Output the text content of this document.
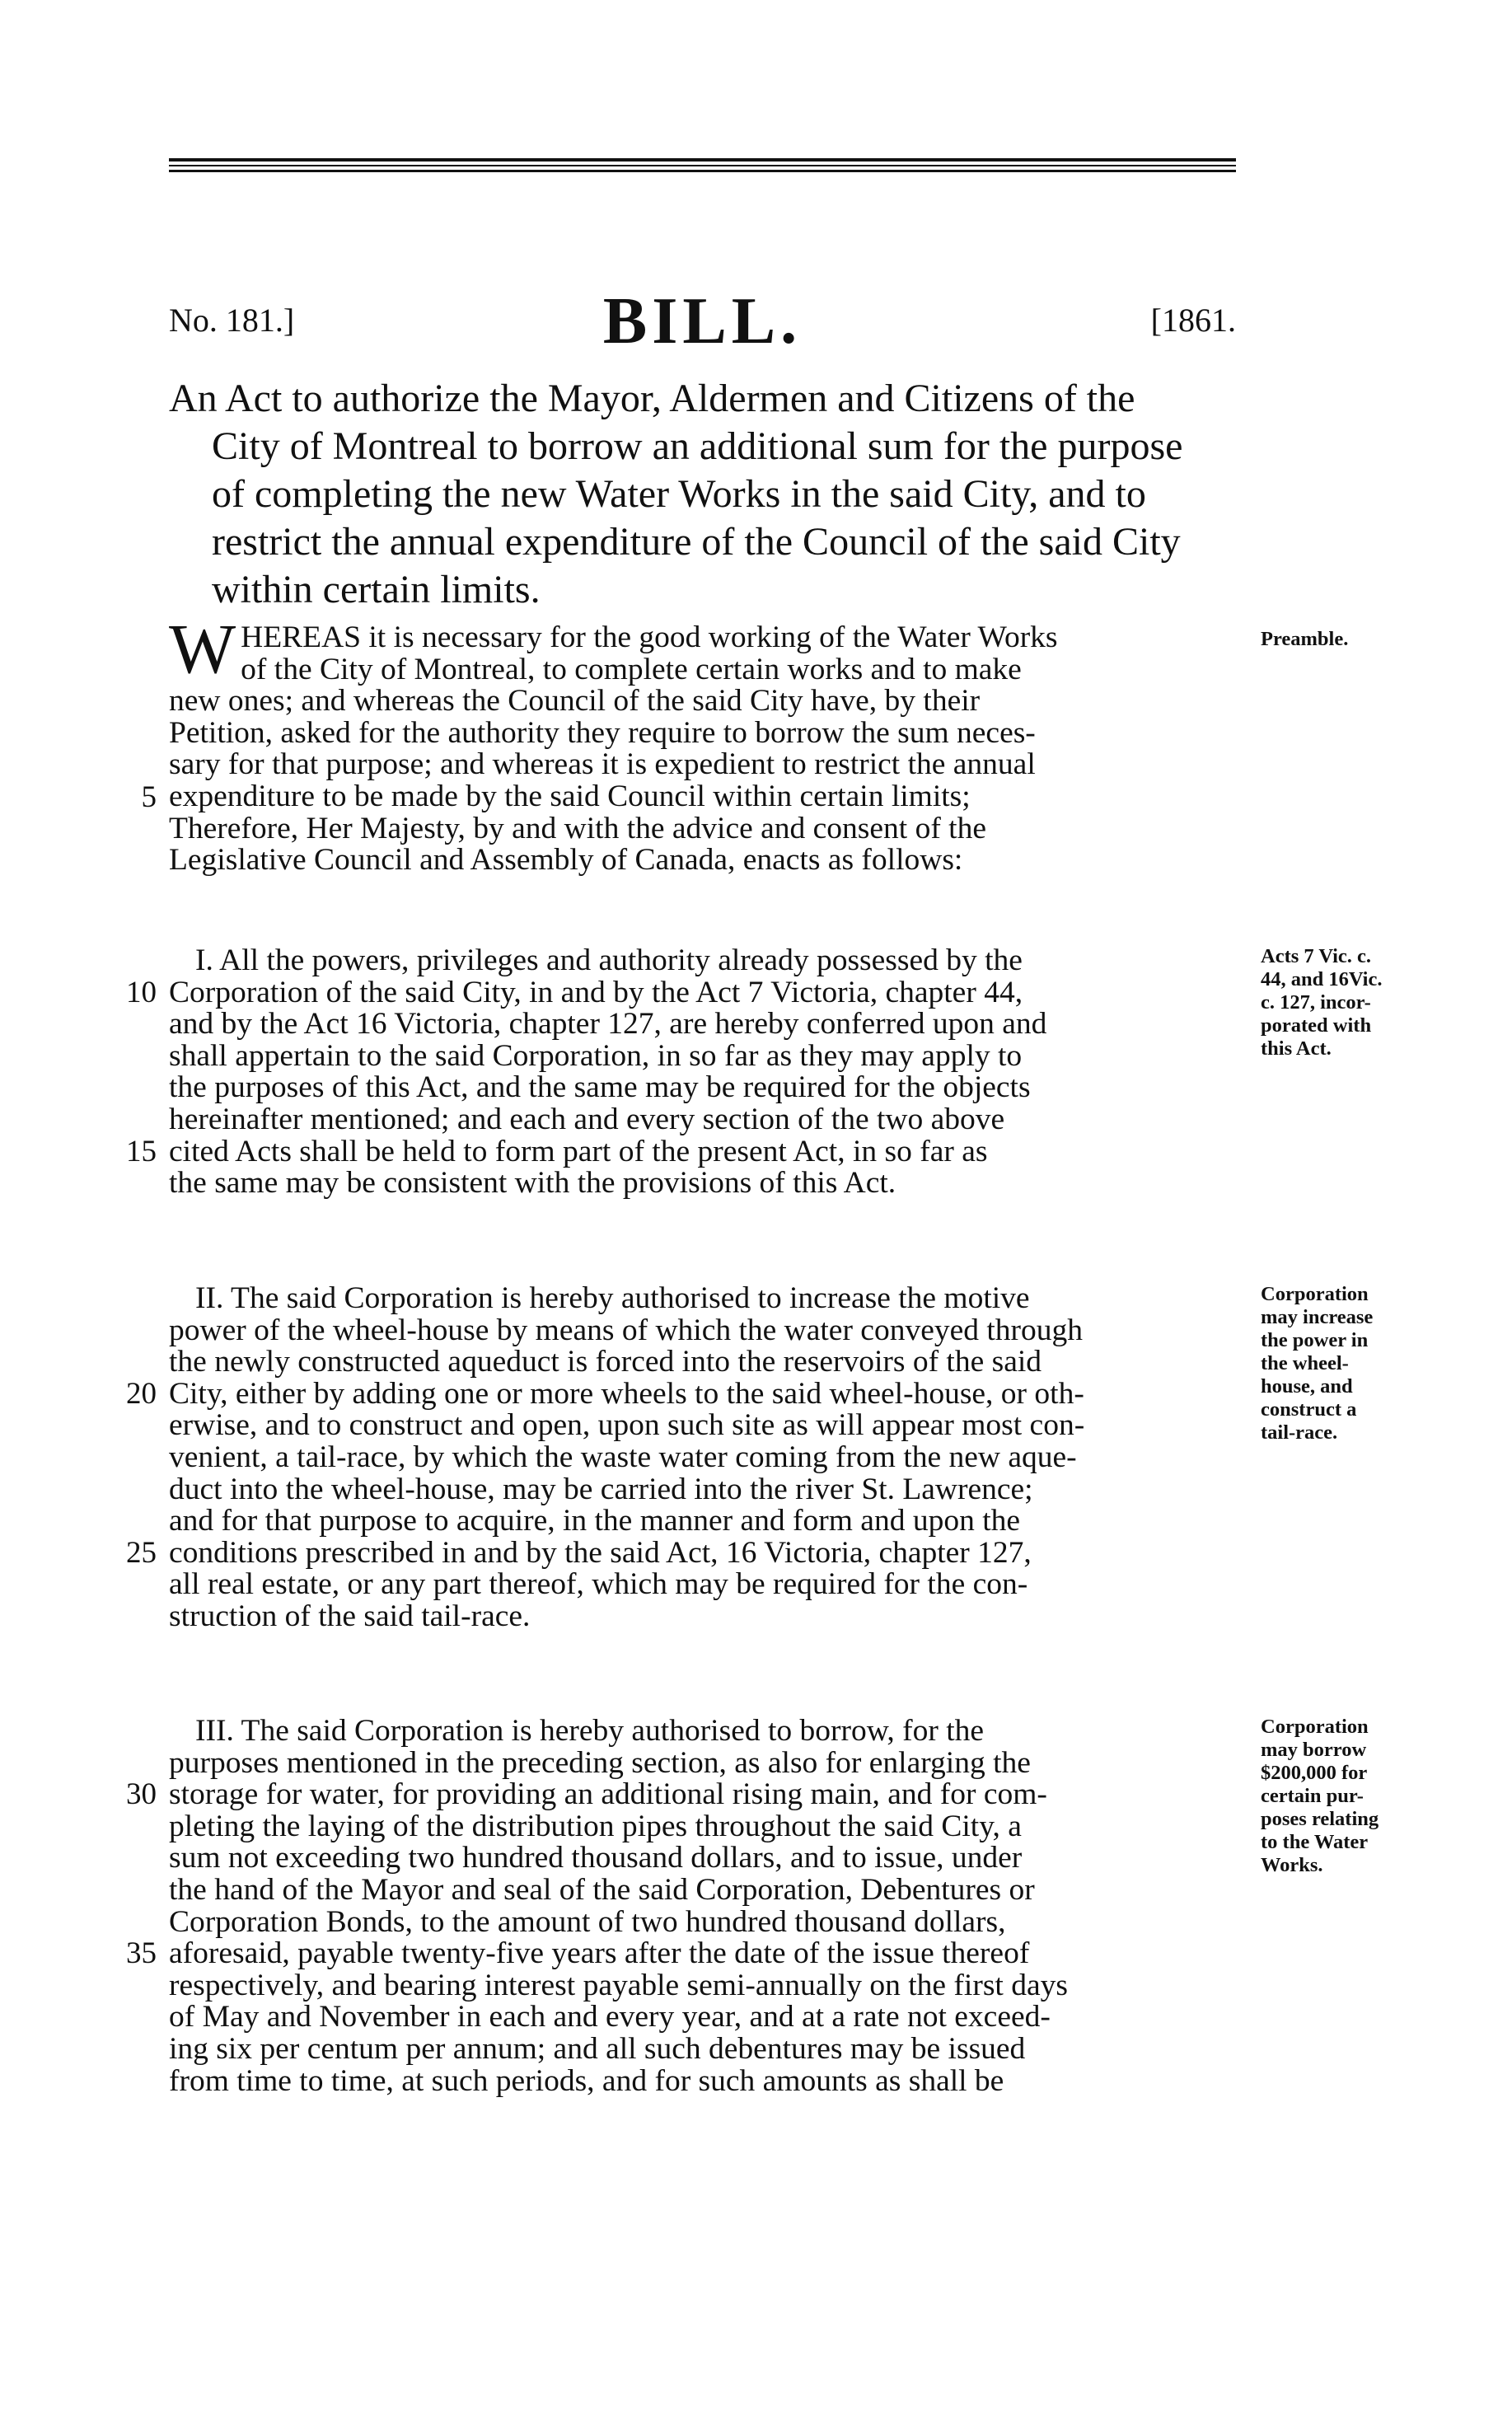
No. 181.]	BILL.	[1861.

An Act to authorize the Mayor, Aldermen and Citizens of the
City of Montreal to borrow an additional sum for the purpose
of completing the new Water Works in the said City, and to
restrict the annual expenditure of the Council of the said City
within certain limits.

W HEREAS it is necessary for the good working of the Water Works
of the City of Montreal, to complete certain works and to make
new ones; and whereas the Council of the said City have, by their
Petition, asked for the authority they require to borrow the sum neces-
sary for that purpose; and whereas it is expedient to restrict the annual
expenditure to be made by the said Council within certain limits;
Therefore, Her Majesty, by and with the advice and consent of the
Legislative Council and Assembly of Canada, enacts as follows:

Preamble.

I. All the powers, privileges and authority already possessed by the
Corporation of the said City, in and by the Act 7 Victoria, chapter 44,
and by the Act 16 Victoria, chapter 127, are hereby conferred upon and
shall appertain to the said Corporation, in so far as they may apply to
the purposes of this Act, and the same may be required for the objects
hereinafter mentioned; and each and every section of the two above
cited Acts shall be held to form part of the present Act, in so far as
the same may be consistent with the provisions of this Act.

Acts 7 Vic. c.
44, and 16Vic.
c. 127, incor-
porated with
this Act.

II. The said Corporation is hereby authorised to increase the motive
power of the wheel-house by means of which the water conveyed through
the newly constructed aqueduct is forced into the reservoirs of the said
City, either by adding one or more wheels to the said wheel-house, or oth-
erwise, and to construct and open, upon such site as will appear most con-
venient, a tail-race, by which the waste water coming from the new aque-
duct into the wheel-house, may be carried into the river St. Lawrence;
and for that purpose to acquire, in the manner and form and upon the
conditions prescribed in and by the said Act, 16 Victoria, chapter 127,
all real estate, or any part thereof, which may be required for the con-
struction of the said tail-race.

Corporation
may increase
the power in
the wheel-
house, and
construct a
tail-race.

III. The said Corporation is hereby authorised to borrow, for the
purposes mentioned in the preceding section, as also for enlarging the
storage for water, for providing an additional rising main, and for com-
pleting the laying of the distribution pipes throughout the said City, a
sum not exceeding two hundred thousand dollars, and to issue, under
the hand of the Mayor and seal of the said Corporation, Debentures or
Corporation Bonds, to the amount of two hundred thousand dollars,
aforesaid, payable twenty-five years after the date of the issue thereof
respectively, and bearing interest payable semi-annually on the first days
of May and November in each and every year, and at a rate not exceed-
ing six per centum per annum; and all such debentures may be issued
from time to time, at such periods, and for such amounts as shall be

Corporation
may borrow
$200,000 for
certain pur-
poses relating
to the Water
Works.

5
10
15
20
25
30
35
